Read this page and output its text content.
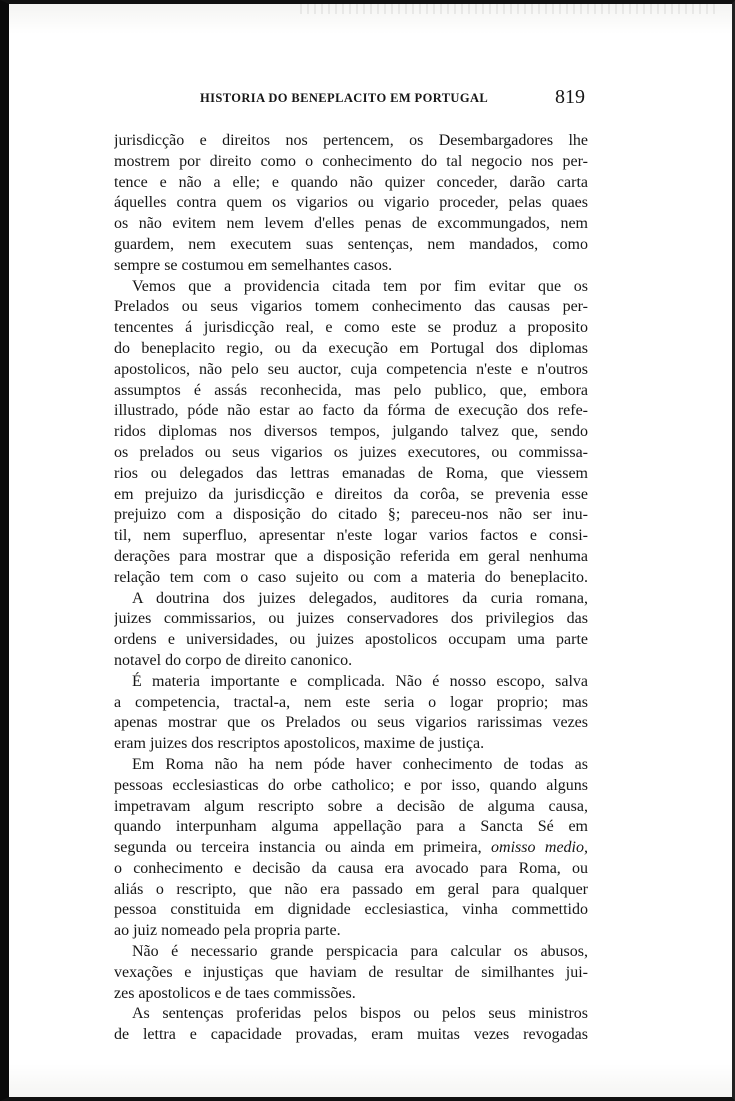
HISTORIA DO BENEPLACITO EM PORTUGAL	819
jurisdicção e direitos nos pertencem, os Desembargadores lhe
mostrem por direito como o conhecimento do tal negocio nos per-
tence e não a elle; e quando não quizer conceder, darão carta
áquelles contra quem os vigarios ou vigario proceder, pelas quaes
os não evitem nem levem d'elles penas de excommungados, nem
guardem, nem executem suas sentenças, nem mandados, como
sempre se costumou em semelhantes casos.
Vemos que a providencia citada tem por fim evitar que os
Prelados ou seus vigarios tomem conhecimento das causas per-
tencentes á jurisdicção real, e como este se produz a proposito
do beneplacito regio, ou da execução em Portugal dos diplomas
apostolicos, não pelo seu auctor, cuja competencia n'este e n'outros
assumptos é assás reconhecida, mas pelo publico, que, embora
illustrado, póde não estar ao facto da fórma de execução dos refe-
ridos diplomas nos diversos tempos, julgando talvez que, sendo
os prelados ou seus vigarios os juizes executores, ou commissa-
rios ou delegados das lettras emanadas de Roma, que viessem
em prejuizo da jurisdicção e direitos da corôa, se prevenia esse
prejuizo com a disposição do citado §; pareceu-nos não ser inu-
til, nem superfluo, apresentar n'este logar varios factos e consi-
derações para mostrar que a disposição referida em geral nenhuma
relação tem com o caso sujeito ou com a materia do beneplacito.
A doutrina dos juizes delegados, auditores da curia romana,
juizes commissarios, ou juizes conservadores dos privilegios das
ordens e universidades, ou juizes apostolicos occupam uma parte
notavel do corpo de direito canonico.
É materia importante e complicada. Não é nosso escopo, salva
a competencia, tractal-a, nem este seria o logar proprio; mas
apenas mostrar que os Prelados ou seus vigarios rarissimas vezes
eram juizes dos rescriptos apostolicos, maxime de justiça.
Em Roma não ha nem póde haver conhecimento de todas as
pessoas ecclesiasticas do orbe catholico; e por isso, quando alguns
impetravam algum rescripto sobre a decisão de alguma causa,
quando interpunham alguma appellação para a Sancta Sé em
segunda ou terceira instancia ou ainda em primeira, omisso medio,
o conhecimento e decisão da causa era avocado para Roma, ou
aliás o rescripto, que não era passado em geral para qualquer
pessoa constituida em dignidade ecclesiastica, vinha commettido
ao juiz nomeado pela propria parte.
Não é necessario grande perspicacia para calcular os abusos,
vexações e injustiças que haviam de resultar de similhantes jui-
zes apostolicos e de taes commissões.
As sentenças proferidas pelos bispos ou pelos seus ministros
de lettra e capacidade provadas, eram muitas vezes revogadas
